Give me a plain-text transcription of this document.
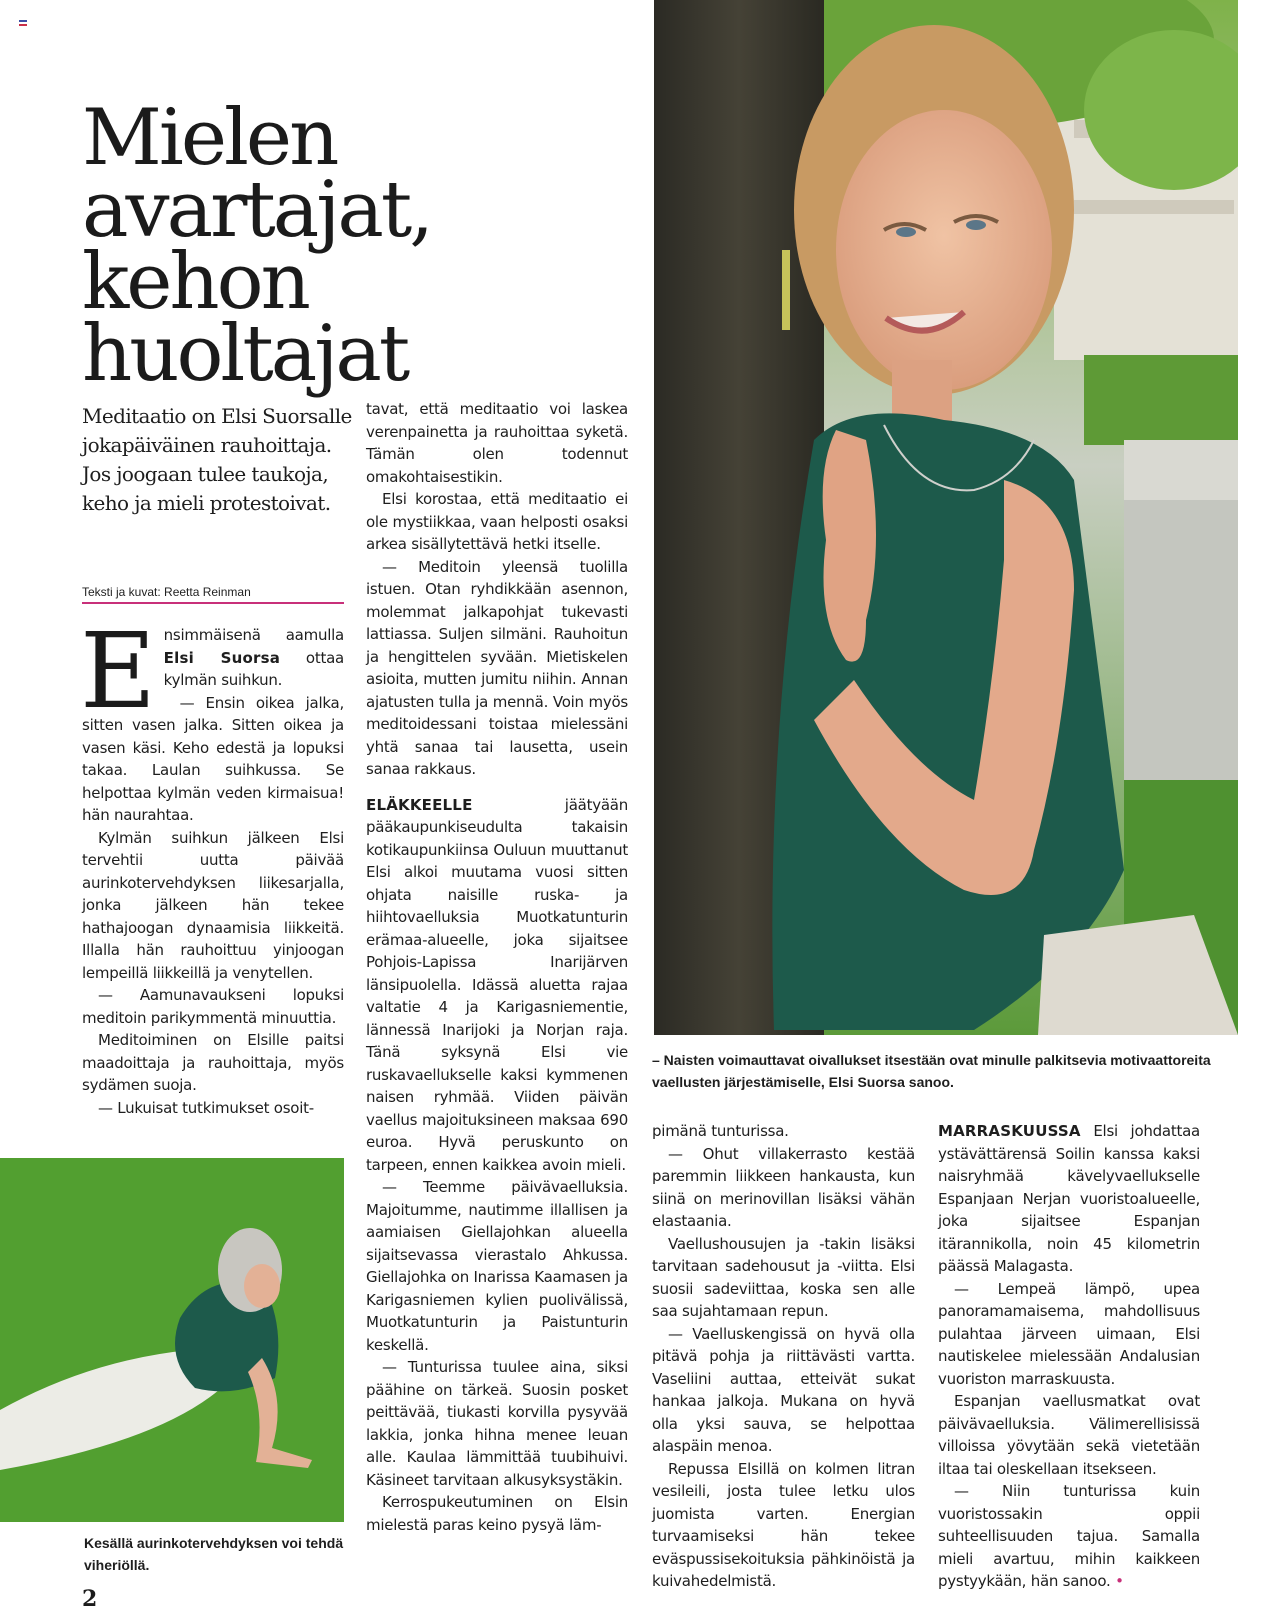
Mielen
avartajat,
kehon huoltajat

Meditaatio on Elsi Suorsalle jokapäiväinen rauhoittaja. Jos joogaan tulee taukoja, keho ja mieli protestoivat.

Teksti ja kuvat: Reetta Reinman

Ensimmäisenä aamulla Elsi Suorsa ottaa kylmän suihkun.

— Ensin oikea jalka, sitten vasen jalka. Sitten oikea ja vasen käsi. Keho edestä ja lopuksi takaa. Laulan suihkussa. Se helpottaa kylmän veden kirmaisua! hän naurahtaa.

Kylmän suihkun jälkeen Elsi tervehtii uutta päivää aurinkotervehdyksen liikesarjalla, jonka jälkeen hän tekee hathajoogan dynaamisia liikkeitä. Illalla hän rauhoittuu yinjoogan lempeillä liikkeillä ja venytellen.

— Aamunavaukseni lopuksi meditoin parikymmentä minuuttia.

Meditoiminen on Elsille paitsi maadoittaja ja rauhoittaja, myös sydämen suoja.

— Lukuisat tutkimukset osoit-

tavat, että meditaatio voi laskea verenpainetta ja rauhoittaa syketä. Tämän olen todennut omakohtaisestikin.

Elsi korostaa, että meditaatio ei ole mystiikkaa, vaan helposti osaksi arkea sisällytettävä hetki itselle.

— Meditoin yleensä tuolilla istuen. Otan ryhdikkään asennon, molemmat jalkapohjat tukevasti lattiassa. Suljen silmäni. Rauhoitun ja hengittelen syvään. Mietiskelen asioita, mutten jumitu niihin. Annan ajatusten tulla ja mennä. Voin myös meditoidessani toistaa mielessäni yhtä sanaa tai lausetta, usein sanaa rakkaus.

ELÄKKEELLE jäätyään pääkaupunkiseudulta takaisin kotikaupunkiinsa Ouluun muuttanut Elsi alkoi muutama vuosi sitten ohjata naisille ruska- ja hiihtovaelluksia Muotkatunturin erämaa-alueelle, joka sijaitsee Pohjois-Lapissa Inarijärven länsipuolella. Idässä aluetta rajaa valtatie 4 ja Karigasniementie, lännessä Inarijoki ja Norjan raja. Tänä syksynä Elsi vie ruskavaellukselle kaksi kymmenen naisen ryhmää. Viiden päivän vaellus majoituksineen maksaa 690 euroa. Hyvä peruskunto on tarpeen, ennen kaikkea avoin mieli.

— Teemme päivävaelluksia. Majoitumme, nautimme illallisen ja aamiaisen Giellajohkan alueella sijaitsevassa vierastalo Ahkussa. Giellajohka on Inarissa Kaamasen ja Karigasniemen kylien puolivälissä, Muotkatunturin ja Paistunturin keskellä.

— Tunturissa tuulee aina, siksi päähine on tärkeä. Suosin posket peittävää, tiukasti korvilla pysyvää lakkia, jonka hihna menee leuan alle. Kaulaa lämmittää tuubihuivi. Käsineet tarvitaan alkusyksystäkin.

Kerrospukeutuminen on Elsin mielestä paras keino pysyä läm-

– Naisten voimauttavat oivallukset itsestään ovat minulle palkitsevia motivaattoreita vaellusten järjestämiselle, Elsi Suorsa sanoo.

Kesällä aurinkotervehdyksen voi tehdä viheriöllä.

pimänä tunturissa.

— Ohut villakerrasto kestää paremmin liikkeen hankausta, kun siinä on merinovillan lisäksi vähän elastaania.

Vaellushousujen ja -takin lisäksi tarvitaan sadehousut ja -viitta. Elsi suosii sadeviittaa, koska sen alle saa sujahtamaan repun.

— Vaelluskengissä on hyvä olla pitävä pohja ja riittävästi vartta. Vaseliini auttaa, etteivät sukat hankaa jalkoja. Mukana on hyvä olla yksi sauva, se helpottaa alaspäin menoa.

Repussa Elsillä on kolmen litran vesileili, josta tulee letku ulos juomista varten. Energian turvaamiseksi hän tekee eväspussisekoituksia pähkinöistä ja kuivahedelmistä.

MARRASKUUSSA Elsi johdattaa ystävättärensä Soilin kanssa kaksi naisryhmää kävelyvaellukselle Espanjaan Nerjan vuoristoalueelle, joka sijaitsee Espanjan itärannikolla, noin 45 kilometrin päässä Malagasta.

— Lempeä lämpö, upea panoramamaisema, mahdollisuus pulahtaa järveen uimaan, Elsi nautiskelee mielessään Andalusian vuoriston marraskuusta.

Espanjan vaellusmatkat ovat päivävaelluksia. Välimerellisissä villoissa yövytään sekä vietetään iltaa tai oleskellaan itsekseen.

— Niin tunturissa kuin vuoristossakin oppii suhteellisuuden tajua. Samalla mieli avartuu, mihin kaikkeen pystyykään, hän sanoo. •

2
